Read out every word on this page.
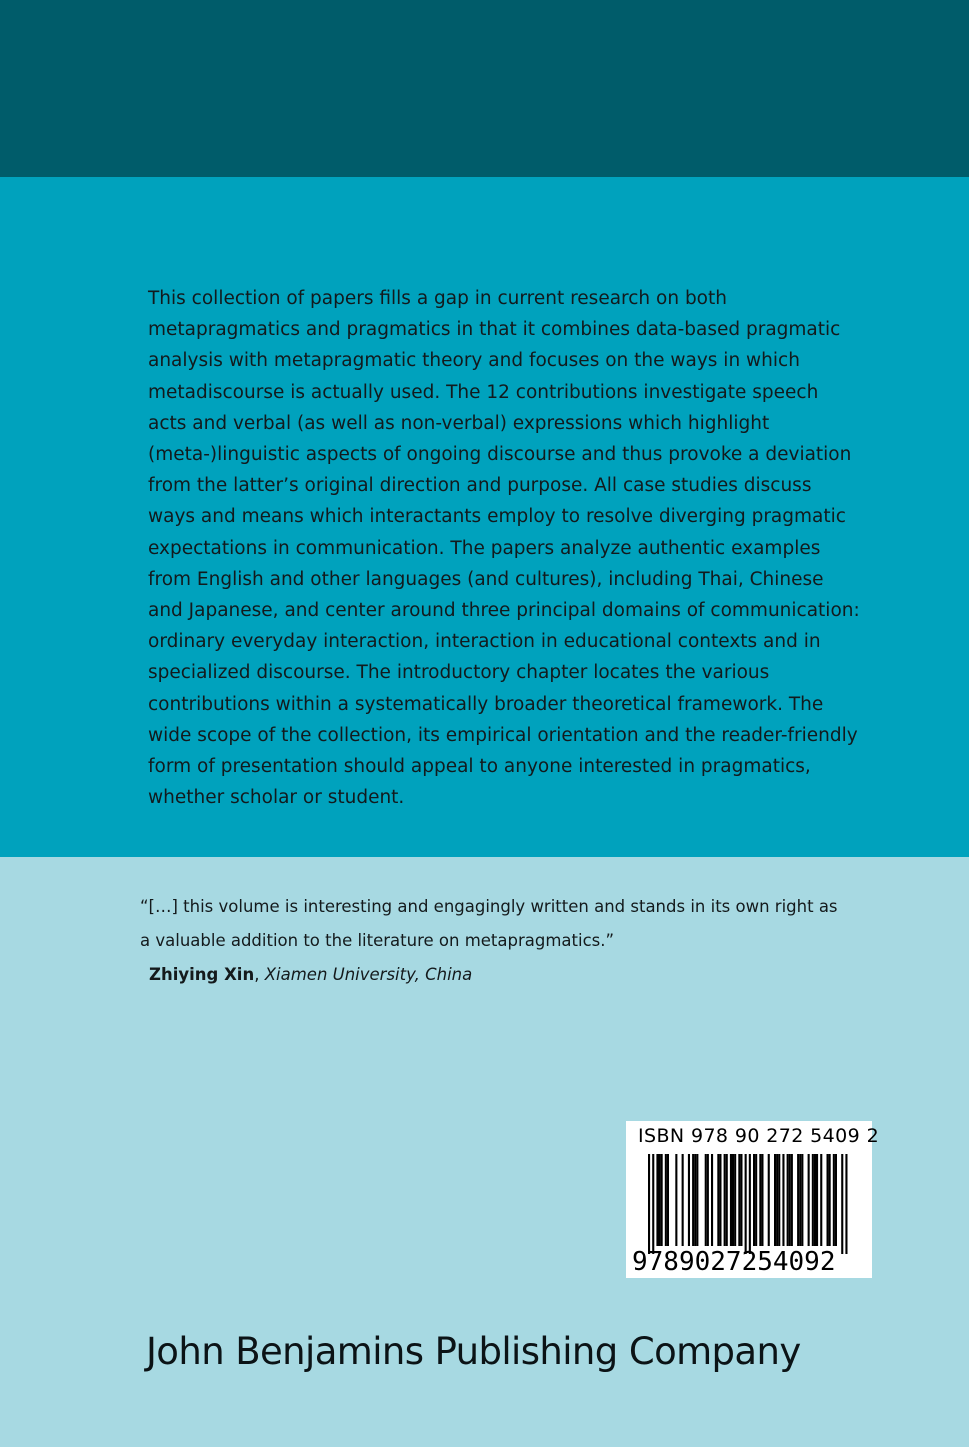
This collection of papers fills a gap in current research on both metapragmatics and pragmatics in that it combines data-based pragmatic analysis with metapragmatic theory and focuses on the ways in which metadiscourse is actually used. The 12 contributions investigate speech acts and verbal (as well as non-verbal) expressions which highlight (meta-)linguistic aspects of ongoing discourse and thus provoke a deviation from the latter’s original direction and purpose. All case studies discuss ways and means which interactants employ to resolve diverging pragmatic expectations in communication. The papers analyze authentic examples from English and other languages (and cultures), including Thai, Chinese and Japanese, and center around three principal domains of communication: ordinary everyday interaction, interaction in educational contexts and in specialized discourse. The introductory chapter locates the various contributions within a systematically broader theoretical framework. The wide scope of the collection, its empirical orientation and the reader-friendly form of presentation should appeal to anyone interested in pragmatics, whether scholar or student.

“[…] this volume is interesting and engagingly written and stands in its own right as a valuable addition to the literature on metapragmatics.”

Zhiying Xin, Xiamen University, China

ISBN 978 90 272 5409 2
9789027254092
John Benjamins Publishing Company
